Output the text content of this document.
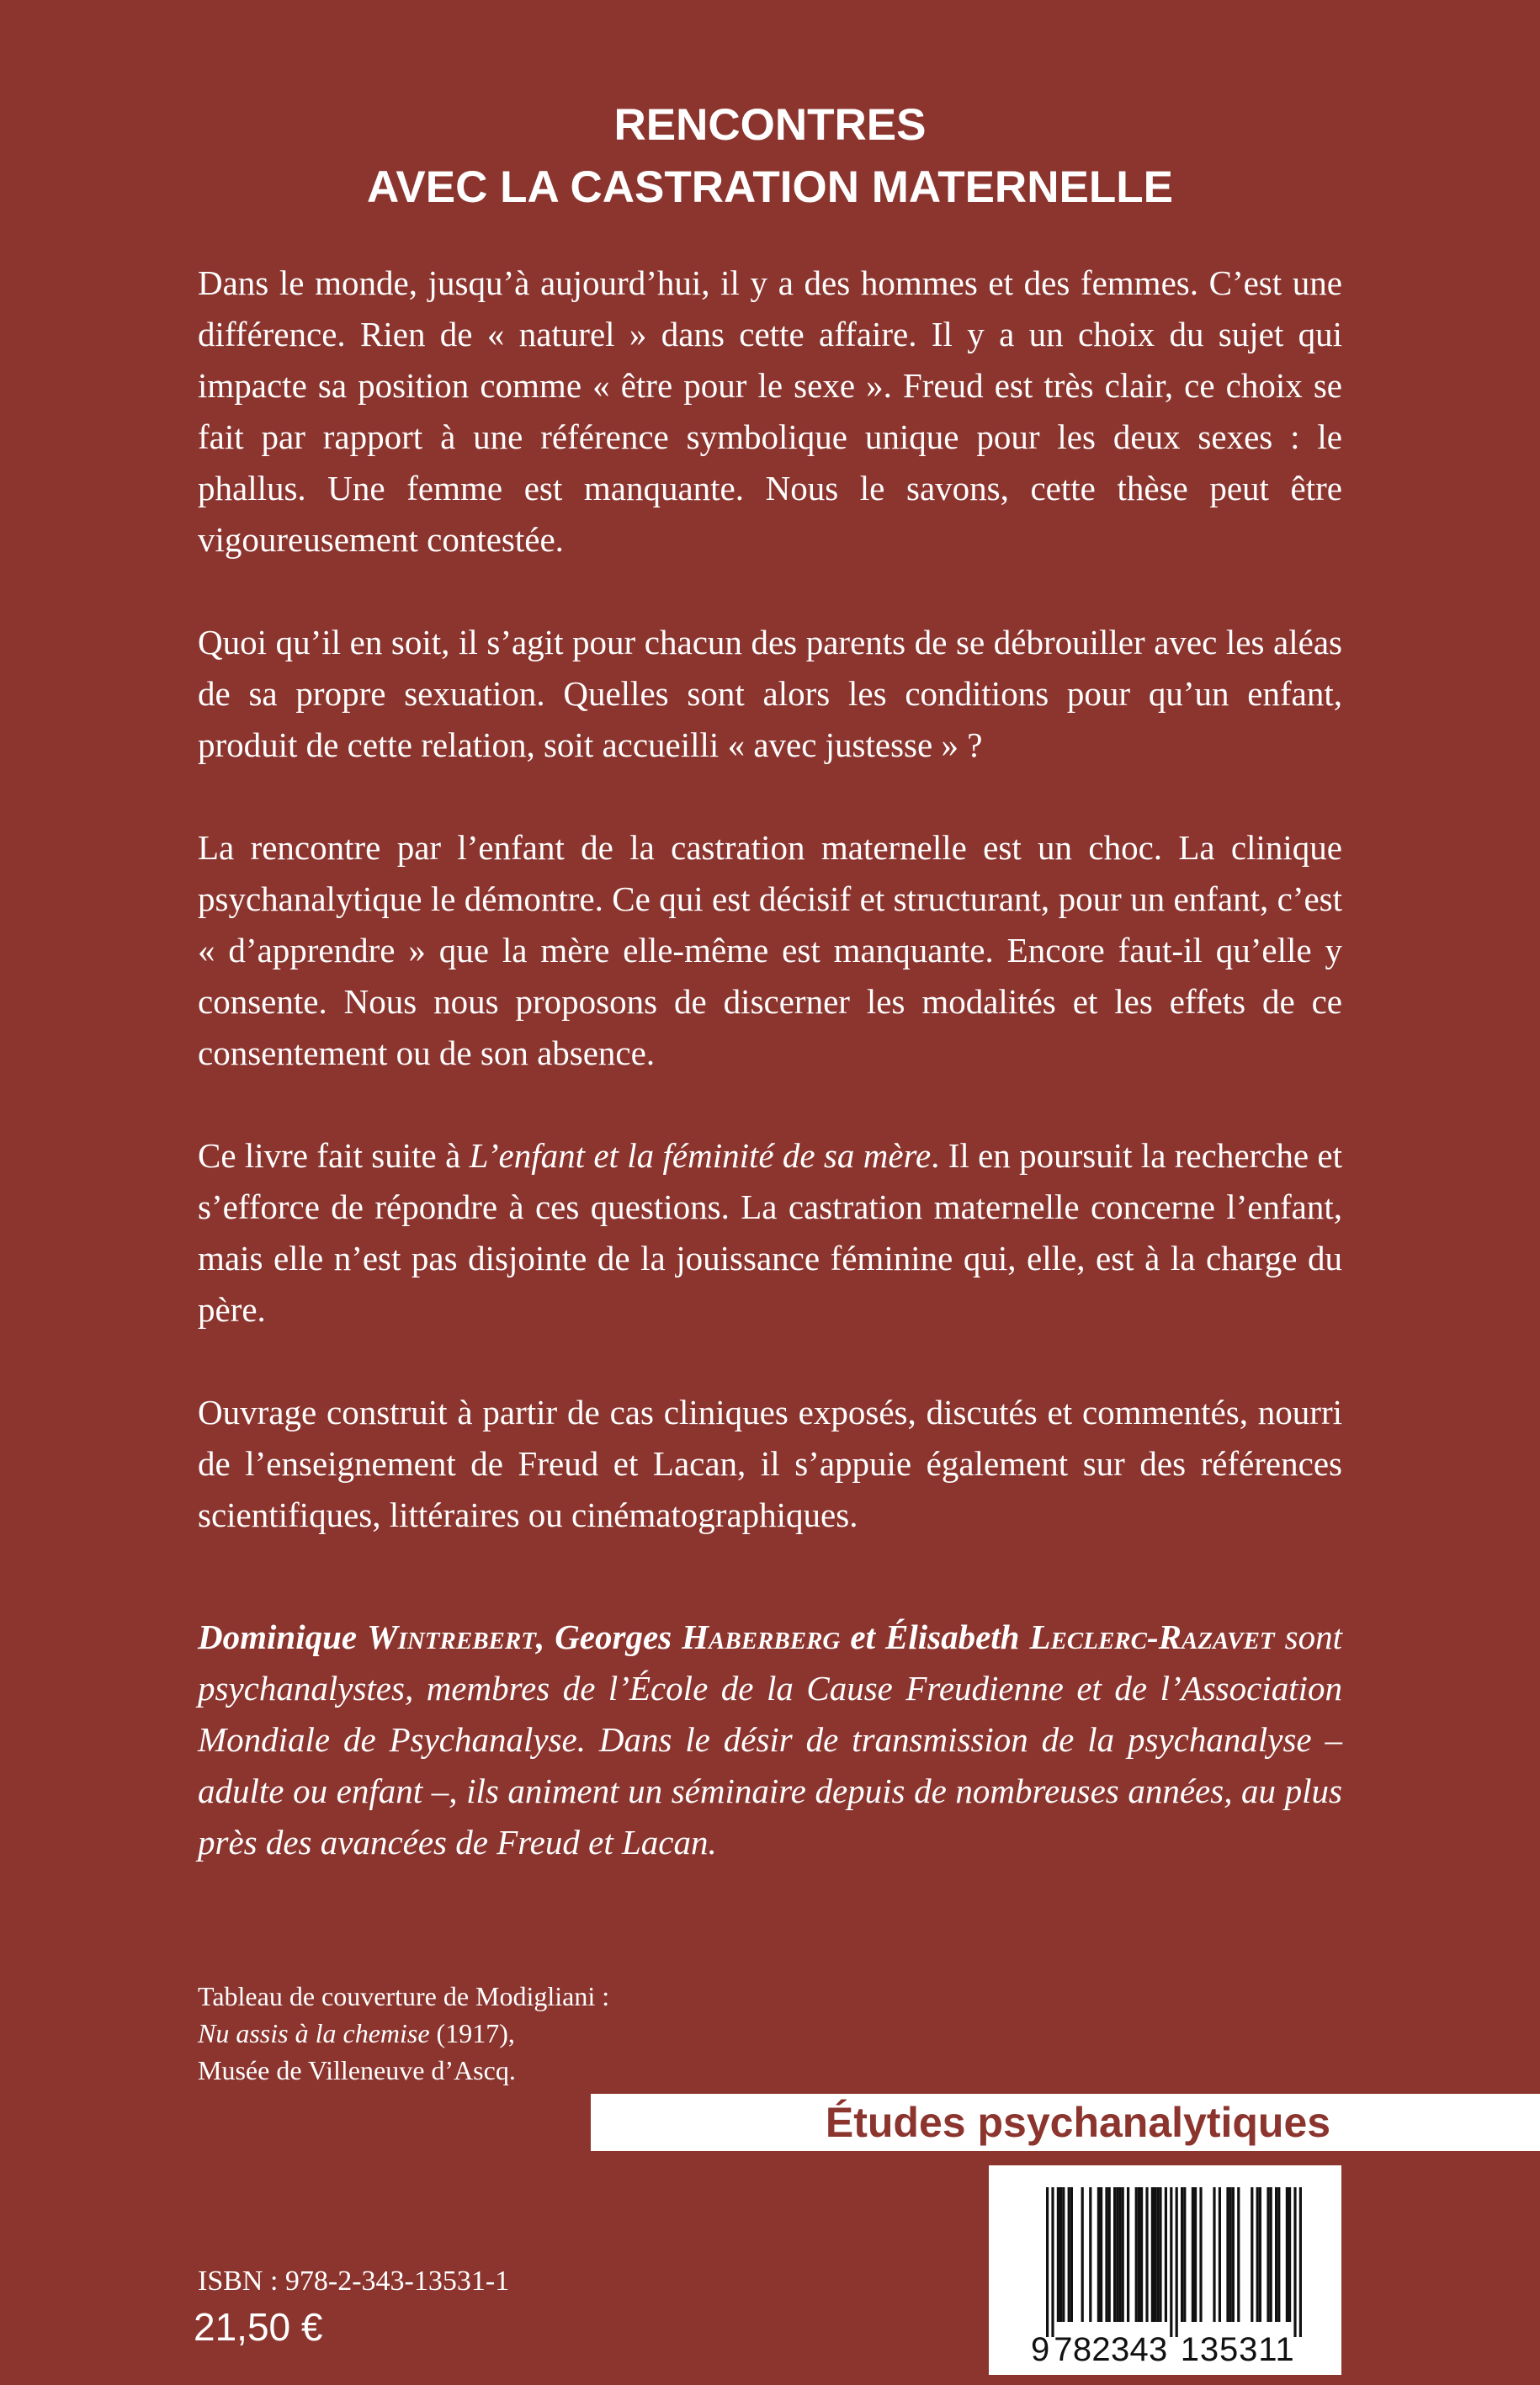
RENCONTRES
AVEC LA CASTRATION MATERNELLE

Dans le monde, jusqu’à aujourd’hui, il y a des hommes et des femmes. C’est une différence. Rien de « naturel » dans cette affaire. Il y a un choix du sujet qui impacte sa position comme « être pour le sexe ». Freud est très clair, ce choix se fait par rapport à une référence symbolique unique pour les deux sexes : le phallus. Une femme est manquante. Nous le savons, cette thèse peut être vigoureusement contestée.

Quoi qu’il en soit, il s’agit pour chacun des parents de se débrouiller avec les aléas de sa propre sexuation. Quelles sont alors les conditions pour qu’un enfant, produit de cette relation, soit accueilli « avec justesse » ?

La rencontre par l’enfant de la castration maternelle est un choc. La clinique psychanalytique le démontre. Ce qui est décisif et structurant, pour un enfant, c’est « d’apprendre » que la mère elle-même est manquante. Encore faut-il qu’elle y consente. Nous nous proposons de discerner les modalités et les effets de ce consentement ou de son absence.

Ce livre fait suite à L’enfant et la féminité de sa mère. Il en poursuit la recherche et s’efforce de répondre à ces questions. La castration maternelle concerne l’enfant, mais elle n’est pas disjointe de la jouissance féminine qui, elle, est à la charge du père.

Ouvrage construit à partir de cas cliniques exposés, discutés et commentés, nourri de l’enseignement de Freud et Lacan, il s’appuie également sur des références scientifiques, littéraires ou cinématographiques.

Dominique Wintrebert, Georges Haberberg et Élisabeth Leclerc-Razavet sont psychanalystes, membres de l’École de la Cause Freudienne et de l’Association Mondiale de Psychanalyse. Dans le désir de transmission de la psychanalyse – adulte ou enfant –, ils animent un séminaire depuis de nombreuses années, au plus près des avancées de Freud et Lacan.
Tableau de couverture de Modigliani :
Nu assis à la chemise (1917),
Musée de Villeneuve d’Ascq.
Études psychanalytiques
9 782343 135311
ISBN : 978-2-343-13531-1
21,50 €
